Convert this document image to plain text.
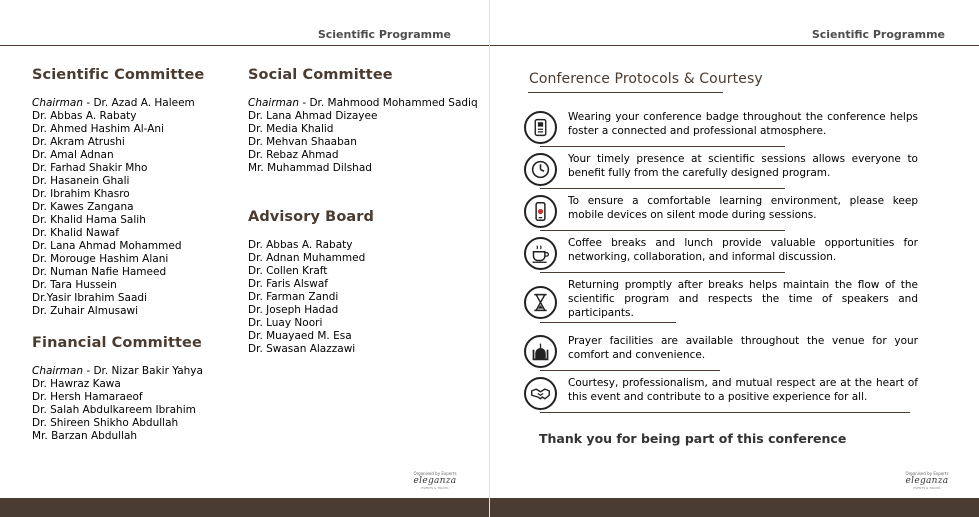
Scientific Programme
Scientific Committee
Chairman - Dr. Azad A. Haleem
Dr. Abbas A. Rabaty
Dr. Ahmed Hashim Al-Ani
Dr. Akram Atrushi
Dr. Amal Adnan
Dr. Farhad Shakir Mho
Dr. Hasanein Ghali
Dr. Ibrahim Khasro
Dr. Kawes Zangana
Dr. Khalid Hama Salih
Dr. Khalid Nawaf
Dr. Lana Ahmad Mohammed
Dr. Morouge Hashim Alani
Dr. Numan Nafie Hameed
Dr. Tara Hussein
Dr.Yasir Ibrahim Saadi
Dr. Zuhair Almusawi
Financial Committee
Chairman - Dr. Nizar Bakir Yahya
Dr. Hawraz Kawa
Dr. Hersh Hamaraeof
Dr. Salah Abdulkareem Ibrahim
Dr. Shireen Shikho Abdullah
Mr. Barzan Abdullah
Social Committee
Chairman - Dr. Mahmood Mohammed Sadiq
Dr. Lana Ahmad Dizayee
Dr. Media Khalid
Dr. Mehvan Shaaban
Dr. Rebaz Ahmad
Mr. Muhammad Dilshad
Advisory Board
Dr. Abbas A. Rabaty
Dr. Adnan Muhammed
Dr. Collen Kraft
Dr. Faris Alswaf
Dr. Farman Zandi
Dr. Joseph Hadad
Dr. Luay Noori
Dr. Muayaed M. Esa
Dr. Swasan Alazzawi
Organised by Experts
eleganza
EVENTS & TRAVEL
Scientific Programme
Conference Protocols & Courtesy
Wearing your conference badge throughout the conference helps foster a connected and professional atmosphere.
Your timely presence at scientific sessions allows everyone to benefit fully from the carefully designed program.
To ensure a comfortable learning environment, please keep mobile devices on silent mode during sessions.
Coffee breaks and lunch provide valuable opportunities for networking, collaboration, and informal discussion.
Returning promptly after breaks helps maintain the flow of the scientific program and respects the time of speakers and participants.
Prayer facilities are available throughout the venue for your comfort and convenience.
Courtesy, professionalism, and mutual respect are at the heart of this event and contribute to a positive experience for all.
Thank you for being part of this conference
Organised by Experts
eleganza
EVENTS & TRAVEL
